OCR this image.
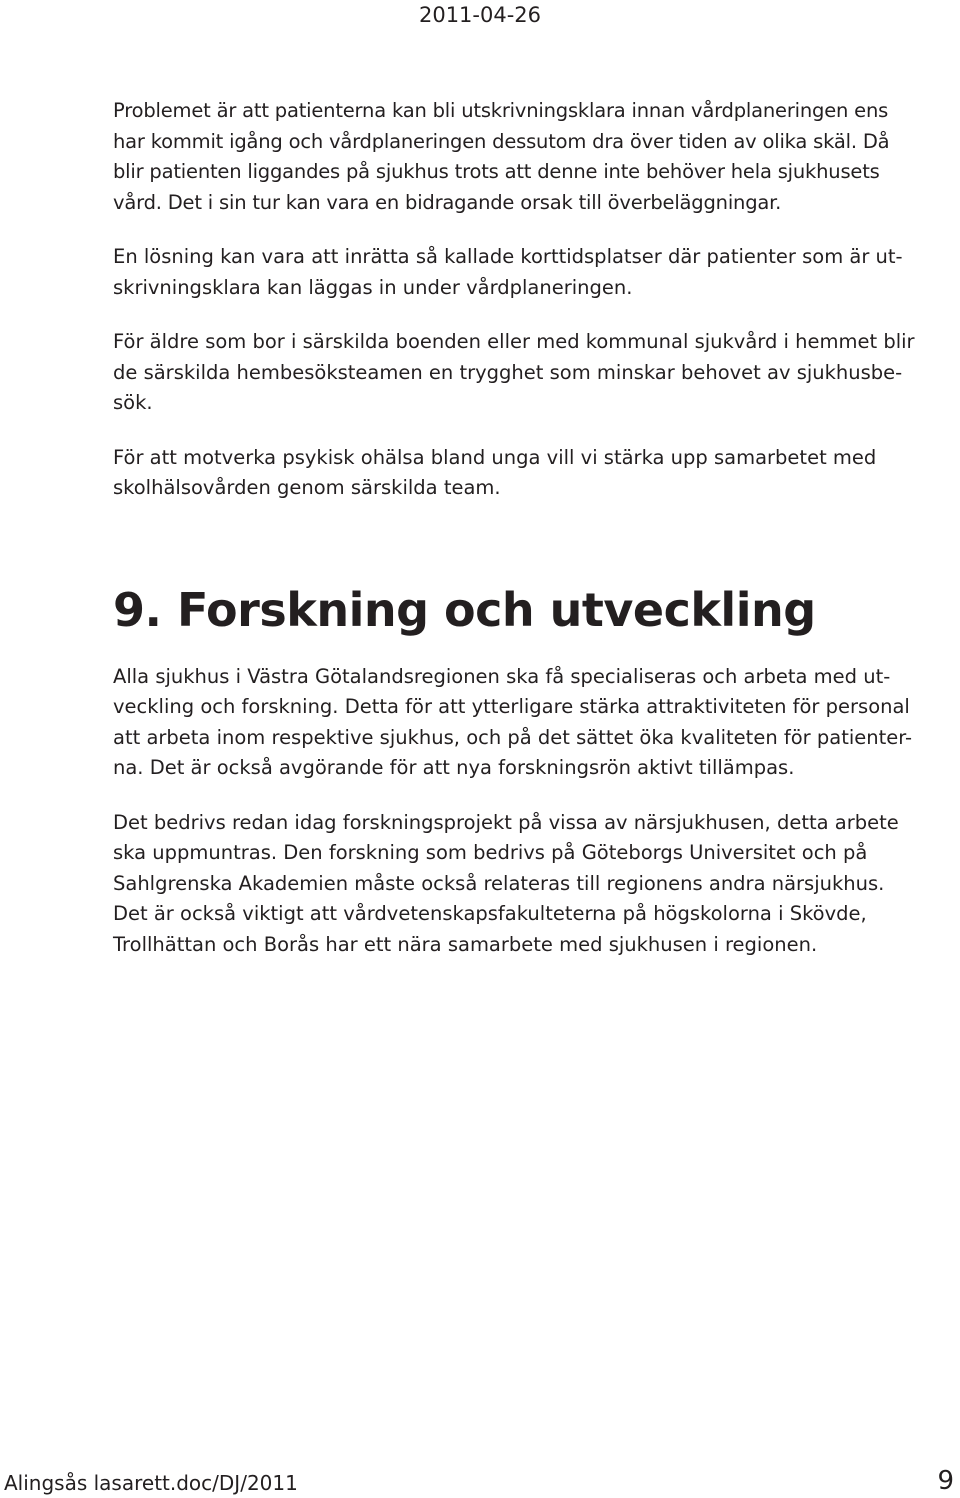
2011-04-26

Problemet är att patienterna kan bli utskrivningsklara innan vårdplaneringen ens
har kommit igång och vårdplaneringen dessutom dra över tiden av olika skäl. Då
blir patienten liggandes på sjukhus trots att denne inte behöver hela sjukhusets
vård. Det i sin tur kan vara en bidragande orsak till överbeläggningar.

En lösning kan vara att inrätta så kallade korttidsplatser där patienter som är ut-
skrivningsklara kan läggas in under vårdplaneringen.

För äldre som bor i särskilda boenden eller med kommunal sjukvård i hemmet blir
de särskilda hembesöksteamen en trygghet som minskar behovet av sjukhusbe-
sök.

För att motverka psykisk ohälsa bland unga vill vi stärka upp samarbetet med
skolhälsovården genom särskilda team.

9. Forskning och utveckling

Alla sjukhus i Västra Götalandsregionen ska få specialiseras och arbeta med ut-
veckling och forskning. Detta för att ytterligare stärka attraktiviteten för personal
att arbeta inom respektive sjukhus, och på det sättet öka kvaliteten för patienter-
na. Det är också avgörande för att nya forskningsrön aktivt tillämpas.

Det bedrivs redan idag forskningsprojekt på vissa av närsjukhusen, detta arbete
ska uppmuntras. Den forskning som bedrivs på Göteborgs Universitet och på
Sahlgrenska Akademien måste också relateras till regionens andra närsjukhus.
Det är också viktigt att vårdvetenskapsfakulteterna på högskolorna i Skövde,
Trollhättan och Borås har ett nära samarbete med sjukhusen i regionen.

Alingsås lasarett.doc/DJ/2011	9
